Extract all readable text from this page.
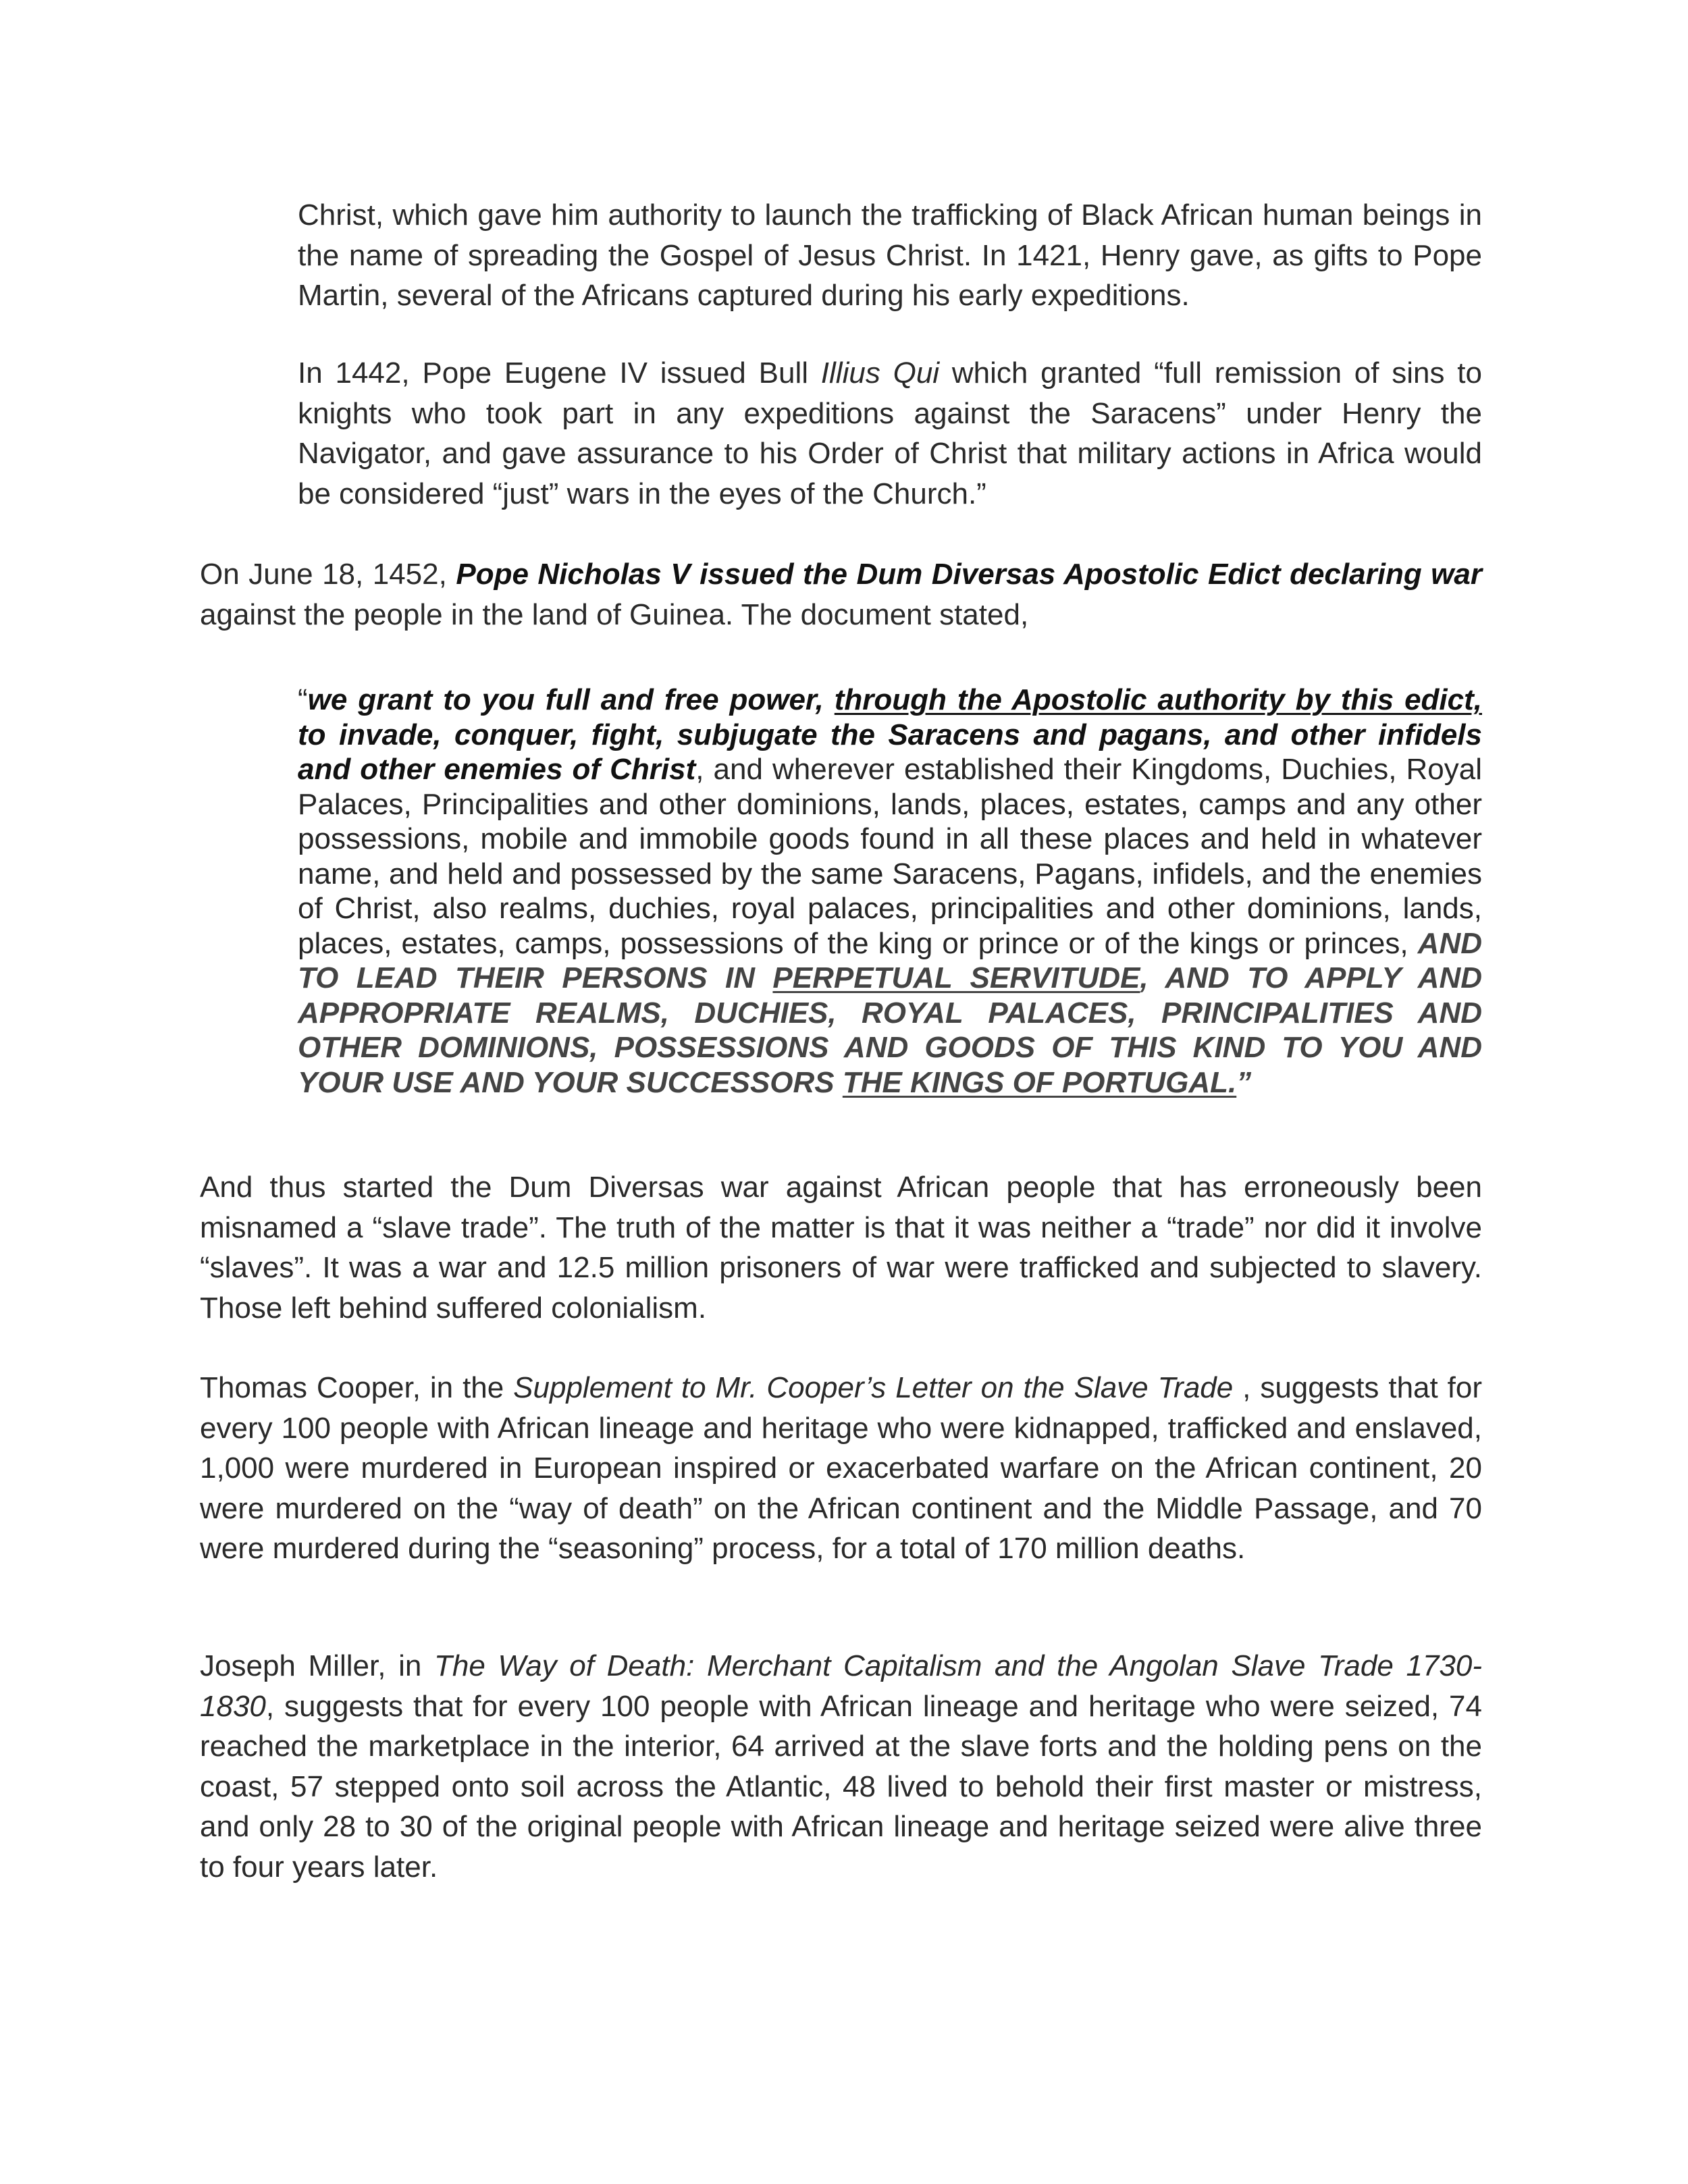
Christ, which gave him authority to launch the trafficking of Black African human beings in the name of spreading the Gospel of Jesus Christ. In 1421, Henry gave, as gifts to Pope Martin, several of the Africans captured during his early expeditions.

In 1442, Pope Eugene IV issued Bull Illius Qui which granted “full remission of sins to knights who took part in any expeditions against the Saracens” under Henry the Navigator, and gave assurance to his Order of Christ that military actions in Africa would be considered “just” wars in the eyes of the Church.”

On June 18, 1452, Pope Nicholas V issued the Dum Diversas Apostolic Edict declaring war against the people in the land of Guinea. The document stated,

“we grant to you full and free power, through the Apostolic authority by this edict, to invade, conquer, fight, subjugate the Saracens and pagans, and other infidels and other enemies of Christ, and wherever established their Kingdoms, Duchies, Royal Palaces, Principalities and other dominions, lands, places, estates, camps and any other possessions, mobile and immobile goods found in all these places and held in whatever name, and held and possessed by the same Saracens, Pagans, infidels, and the enemies of Christ, also realms, duchies, royal palaces, principalities and other dominions, lands, places, estates, camps, possessions of the king or prince or of the kings or princes, AND TO LEAD THEIR PERSONS IN PERPETUAL SERVITUDE, AND TO APPLY AND APPROPRIATE REALMS, DUCHIES, ROYAL PALACES, PRINCIPALITIES AND OTHER DOMINIONS, POSSESSIONS AND GOODS OF THIS KIND TO YOU AND YOUR USE AND YOUR SUCCESSORS THE KINGS OF PORTUGAL.”

And thus started the Dum Diversas war against African people that has erroneously been misnamed a “slave trade”. The truth of the matter is that it was neither a “trade” nor did it involve “slaves”. It was a war and 12.5 million prisoners of war were trafficked and subjected to slavery. Those left behind suffered colonialism.

Thomas Cooper, in the Supplement to Mr. Cooper’s Letter on the Slave Trade , suggests that for every 100 people with African lineage and heritage who were kidnapped, trafficked and enslaved, 1,000 were murdered in European inspired or exacerbated warfare on the African continent, 20 were murdered on the “way of death” on the African continent and the Middle Passage, and 70 were murdered during the “seasoning” process, for a total of 170 million deaths.

Joseph Miller, in The Way of Death: Merchant Capitalism and the Angolan Slave Trade 1730-1830, suggests that for every 100 people with African lineage and heritage who were seized, 74 reached the marketplace in the interior, 64 arrived at the slave forts and the holding pens on the coast, 57 stepped onto soil across the Atlantic, 48 lived to behold their first master or mistress, and only 28 to 30 of the original people with African lineage and heritage seized were alive three to four years later.
